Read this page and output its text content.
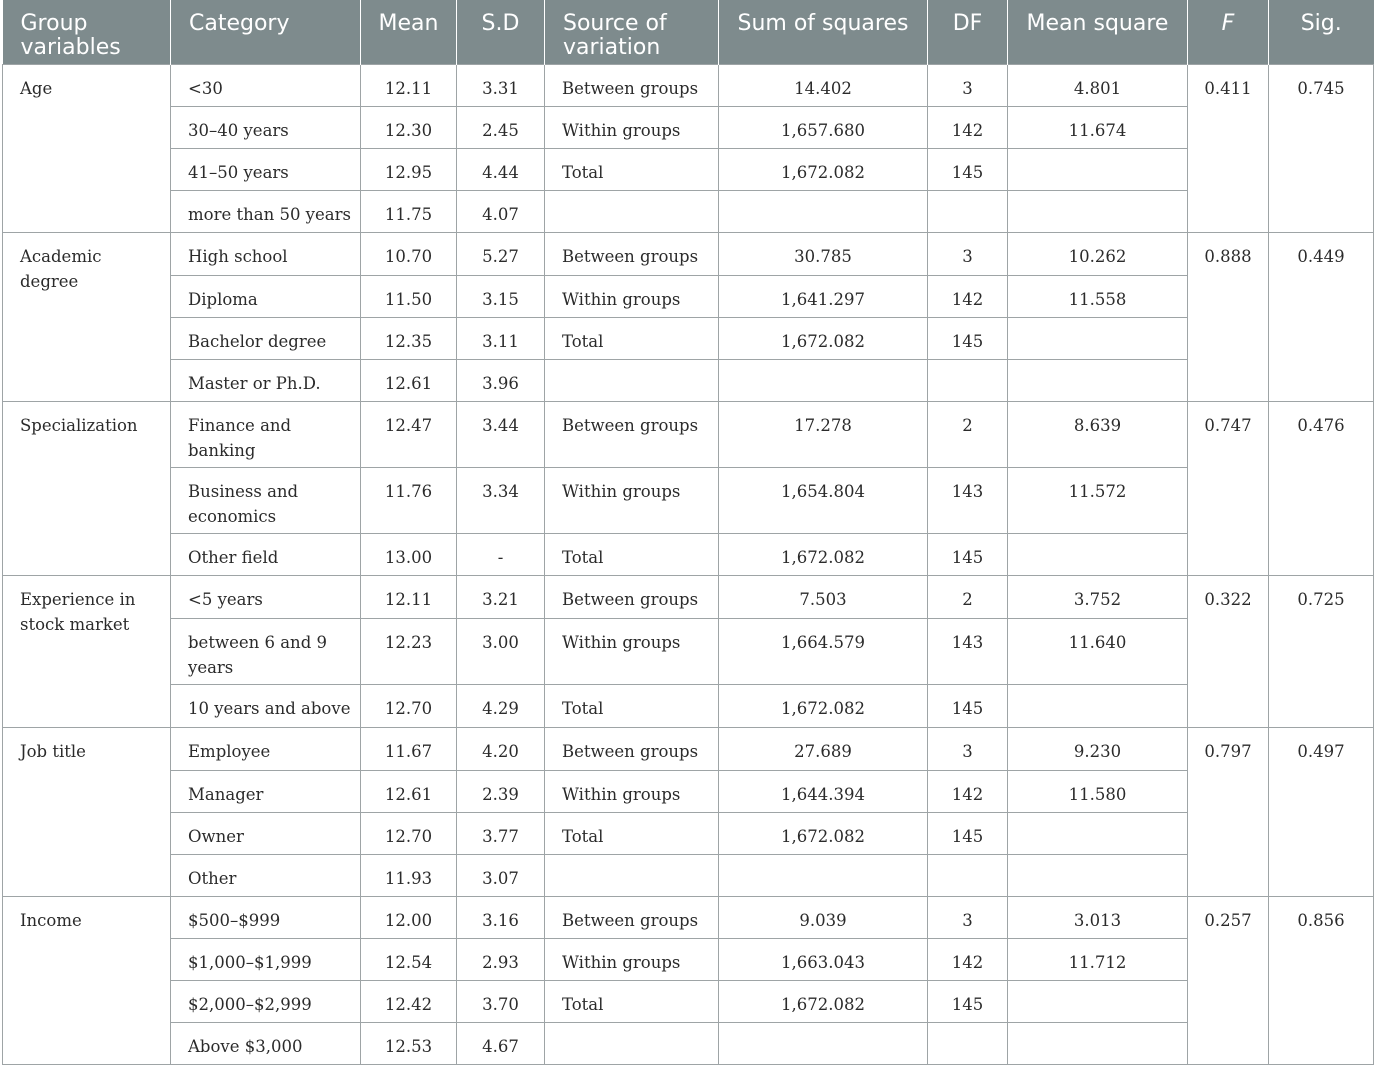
Group variables	Category	Mean	S.D	Source of variation	Sum of squares	DF	Mean square	F	Sig.
Age	<30	12.11	3.31	Between groups	14.402	3	4.801	0.411	0.745
	30–40 years	12.30	2.45	Within groups	1,657.680	142	11.674		
	41–50 years	12.95	4.44	Total	1,672.082	145			
	more than 50 years	11.75	4.07						
Academic degree	High school	10.70	5.27	Between groups	30.785	3	10.262	0.888	0.449
	Diploma	11.50	3.15	Within groups	1,641.297	142	11.558		
	Bachelor degree	12.35	3.11	Total	1,672.082	145			
	Master or Ph.D.	12.61	3.96						
Specialization	Finance and banking	12.47	3.44	Between groups	17.278	2	8.639	0.747	0.476
	Business and economics	11.76	3.34	Within groups	1,654.804	143	11.572		
	Other field	13.00	-	Total	1,672.082	145			
Experience in stock market	<5 years	12.11	3.21	Between groups	7.503	2	3.752	0.322	0.725
	between 6 and 9 years	12.23	3.00	Within groups	1,664.579	143	11.640		
	10 years and above	12.70	4.29	Total	1,672.082	145			
Job title	Employee	11.67	4.20	Between groups	27.689	3	9.230	0.797	0.497
	Manager	12.61	2.39	Within groups	1,644.394	142	11.580		
	Owner	12.70	3.77	Total	1,672.082	145			
	Other	11.93	3.07						
Income	$500–$999	12.00	3.16	Between groups	9.039	3	3.013	0.257	0.856
	$1,000–$1,999	12.54	2.93	Within groups	1,663.043	142	11.712		
	$2,000–$2,999	12.42	3.70	Total	1,672.082	145			
	Above $3,000	12.53	4.67						
